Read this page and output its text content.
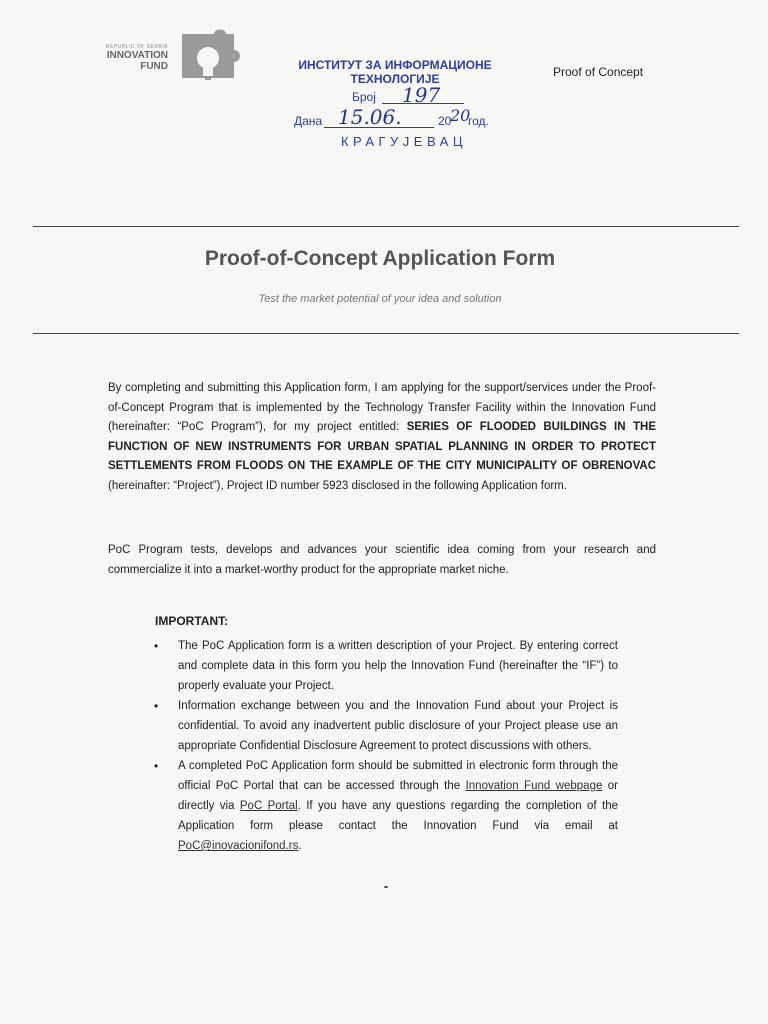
REPUBLIC OF SERBIA
INNOVATION
FUND	ИНСТИТУТ ЗА ИНФОРМАЦИОНЕ
ТЕХНОЛОГИЈЕ
Број 197
Дана 15.06.	20
20
год.
КРАГУЈЕВАЦ
Proof of Concept
Proof-of-Concept Application Form
Test the market potential of your idea and solution
By completing and submitting this Application form, I am applying for the support/services under the Proof-of-Concept Program that is implemented by the Technology Transfer Facility within the Innovation Fund (hereinafter: “PoC Program”), for my project entitled: SERIES OF FLOODED BUILDINGS IN THE FUNCTION OF NEW INSTRUMENTS FOR URBAN SPATIAL PLANNING IN ORDER TO PROTECT SETTLEMENTS FROM FLOODS ON THE EXAMPLE OF THE CITY MUNICIPALITY OF OBRENOVAC (hereinafter: “Project”), Project ID number 5923 disclosed in the following Application form.
PoC Program tests, develops and advances your scientific idea coming from your research and commercialize it into a market-worthy product for the appropriate market niche.
IMPORTANT:
• The PoC Application form is a written description of your Project. By entering correct and complete data in this form you help the Innovation Fund (hereinafter the “IF”) to properly evaluate your Project.
• Information exchange between you and the Innovation Fund about your Project is confidential. To avoid any inadvertent public disclosure of your Project please use an appropriate Confidential Disclosure Agreement to protect discussions with others.
• A completed PoC Application form should be submitted in electronic form through the official PoC Portal that can be accessed through the Innovation Fund webpage or directly via PoC Portal. If you have any questions regarding the completion of the Application form please contact the Innovation Fund via email at PoC@inovacionifond.rs.
